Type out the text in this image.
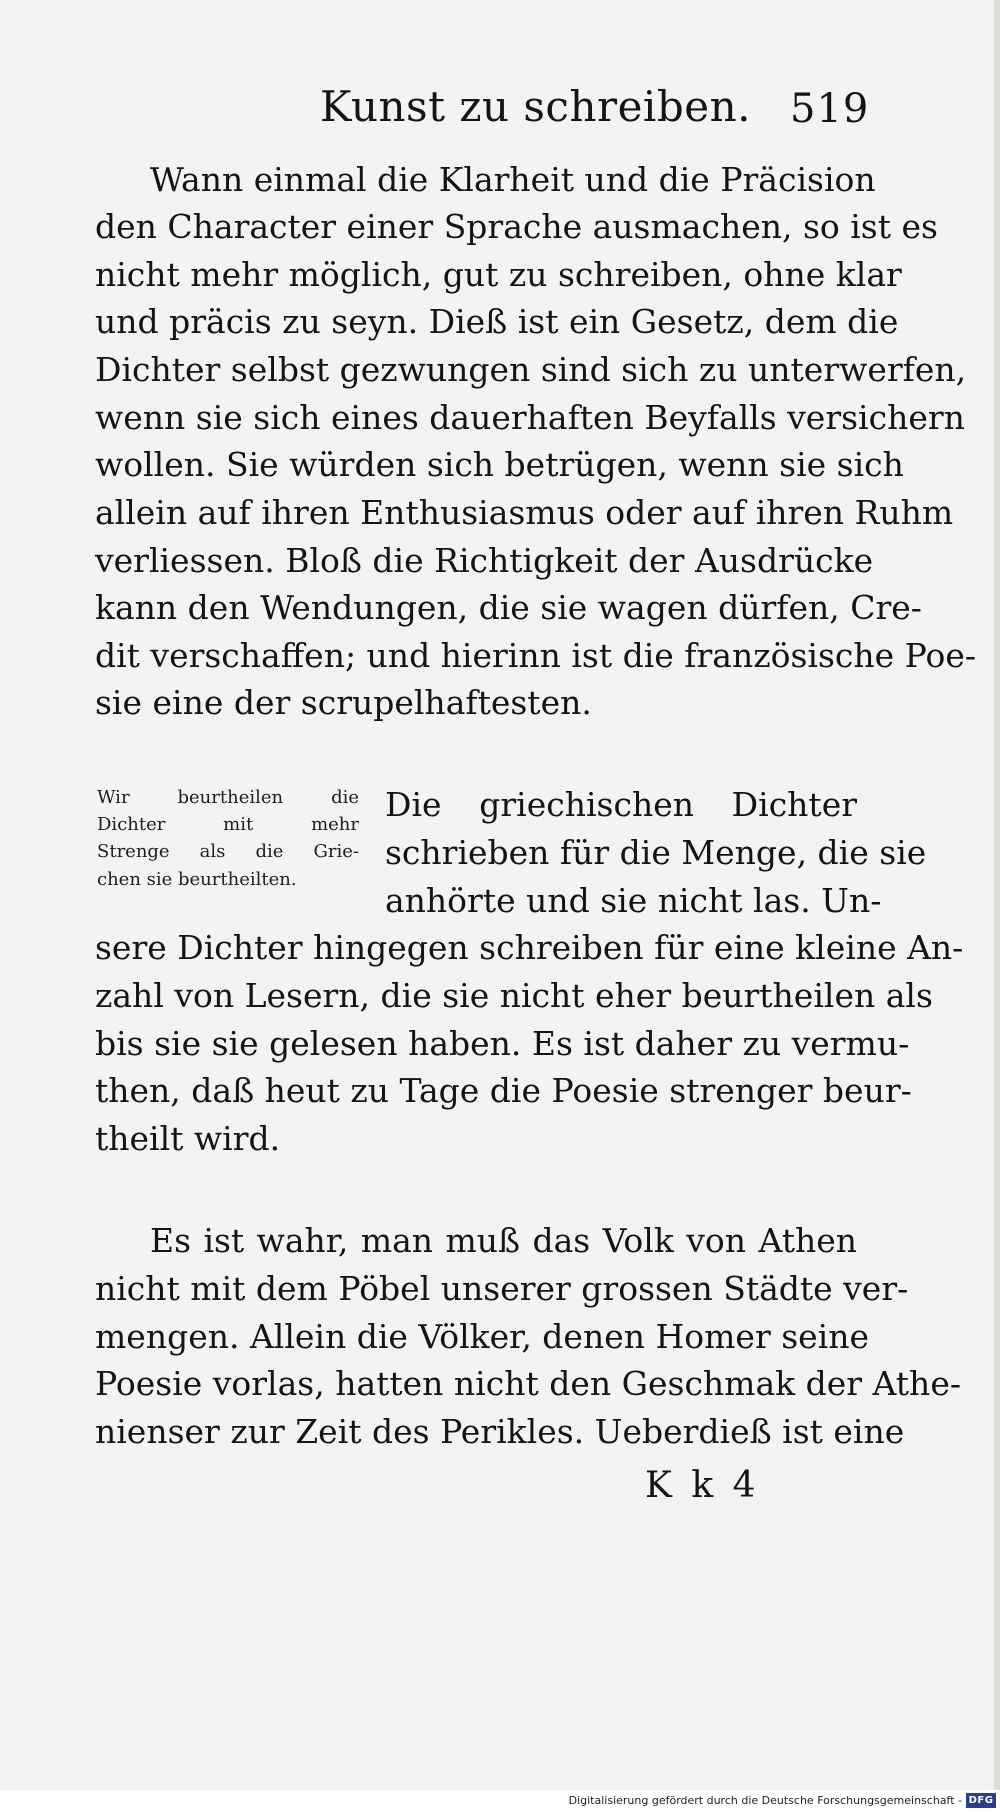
Kunst zu schreiben. 519
Wann einmal die Klarheit und die Präcision
den Character einer Sprache ausmachen, so ist es
nicht mehr möglich, gut zu schreiben, ohne klar
und präcis zu seyn. Dieß ist ein Gesetz, dem die
Dichter selbst gezwungen sind sich zu unterwerfen,
wenn sie sich eines dauerhaften Beyfalls versichern
wollen. Sie würden sich betrügen, wenn sie sich
allein auf ihren Enthusiasmus oder auf ihren Ruhm
verliessen. Bloß die Richtigkeit der Ausdrücke
kann den Wendungen, die sie wagen dürfen, Cre-
dit verschaffen; und hierinn ist die französische Poe-
sie eine der scrupelhaftesten.
Wir beurtheilen die
Dichter mit mehr
Strenge als die Grie-
chen sie beurtheilten.
Die griechischen Dichter
schrieben für die Menge, die sie
anhörte und sie nicht las. Un-
sere Dichter hingegen schreiben für eine kleine An-
zahl von Lesern, die sie nicht eher beurtheilen als
bis sie sie gelesen haben. Es ist daher zu vermu-
then, daß heut zu Tage die Poesie strenger beur-
theilt wird.
Es ist wahr, man muß das Volk von Athen
nicht mit dem Pöbel unserer grossen Städte ver-
mengen. Allein die Völker, denen Homer seine
Poesie vorlas, hatten nicht den Geschmak der Athe-
nienser zur Zeit des Perikles. Ueberdieß ist eine
K k 4
Digitalisierung gefördert durch die Deutsche Forschungsgemeinschaft - DFG
